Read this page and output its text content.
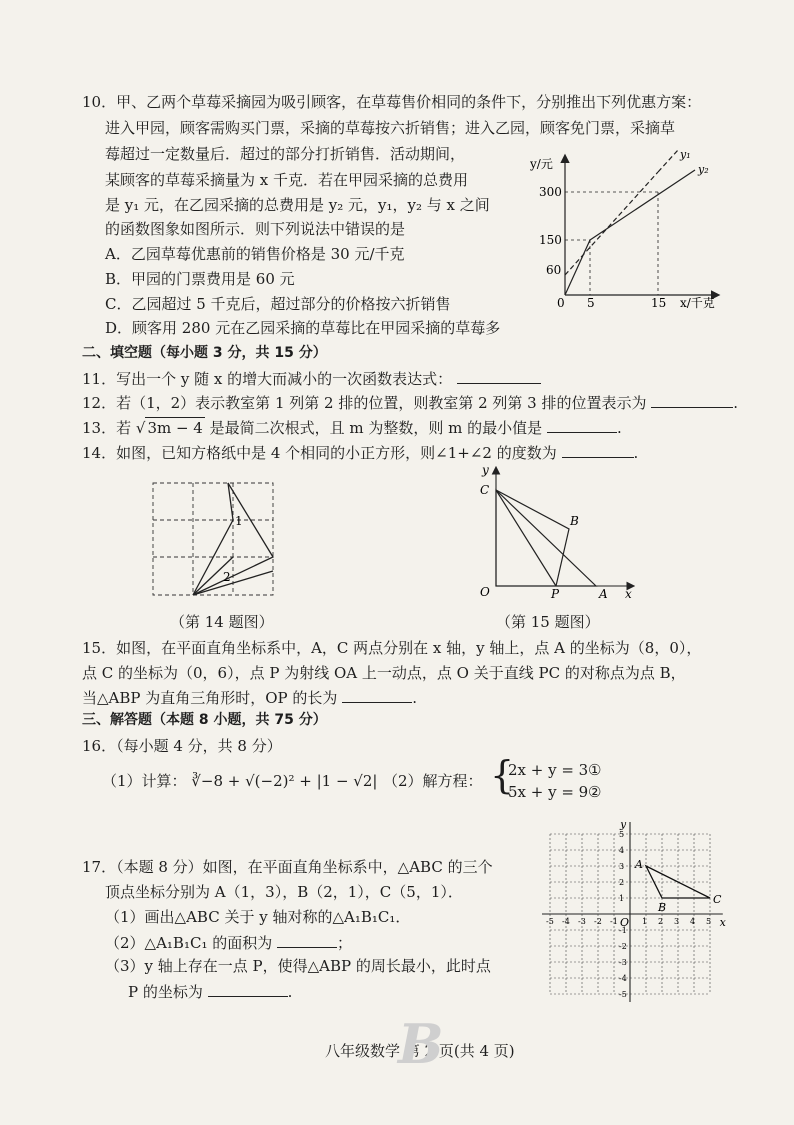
10．甲、乙两个草莓采摘园为吸引顾客，在草莓售价相同的条件下，分别推出下列优惠方案：
进入甲园，顾客需购买门票，采摘的草莓按六折销售；进入乙园，顾客免门票，采摘草
莓超过一定数量后．超过的部分打折销售．活动期间，
某顾客的草莓采摘量为 x 千克．若在甲园采摘的总费用
是 y₁ 元，在乙园采摘的总费用是 y₂ 元，y₁，y₂ 与 x 之间
的函数图象如图所示．则下列说法中错误的是
A．乙园草莓优惠前的销售价格是 30 元/千克
B．甲园的门票费用是 60 元
C．乙园超过 5 千克后，超过部分的价格按六折销售
D．顾客用 280 元在乙园采摘的草莓比在甲园采摘的草莓多
y/元
x/千克
y₁
y₂
300
150
60
0 5	15
二、填空题（每小题 3 分，共 15 分）
11．写出一个 y 随 x 的增大而减小的一次函数表达式：
12．若（1，2）表示教室第 1 列第 2 排的位置，则教室第 2 列第 3 排的位置表示为	.
13．若 √ 3m − 4 是最简二次根式，且 m 为整数，则 m 的最小值是	.
14．如图，已知方格纸中是 4 个相同的小正方形，则∠1+∠2 的度数为	.
1
2
（第 14 题图）
y
C
B
O	P	A x
（第 15 题图）
15．如图，在平面直角坐标系中，A，C 两点分别在 x 轴，y 轴上，点 A 的坐标为（8，0），
点 C 的坐标为（0，6），点 P 为射线 OA 上一动点，点 O 关于直线 PC 的对称点为点 B，
当△ABP 为直角三角形时，OP 的长为	.
三、解答题（本题 8 小题，共 75 分）
16．（每小题 4 分，共 8 分）
（1）计算： ∛−8 + √(−2)² + |1 − √2| （2）解方程： {
2x + y = 3
5x + y = 9
①
②
17．（本题 8 分）如图，在平面直角坐标系中，△ABC 的三个
顶点坐标分别为 A（1，3），B（2，1），C（5，1）．
（1）画出△ABC 关于 y 轴对称的△A₁B₁C₁．
（2）△A₁B₁C₁ 的面积为	；
（3）y 轴上存在一点 P，使得△ABP 的周长最小，此时点
P 的坐标为	.
-5 -4 -3 -2 -1	1 2 3 4 5
5
4
3
2
1
-1
-2
-3
-4
-5
A
B
C
O	x
y
八年级数学 第 2 页(共 4 页)
B
